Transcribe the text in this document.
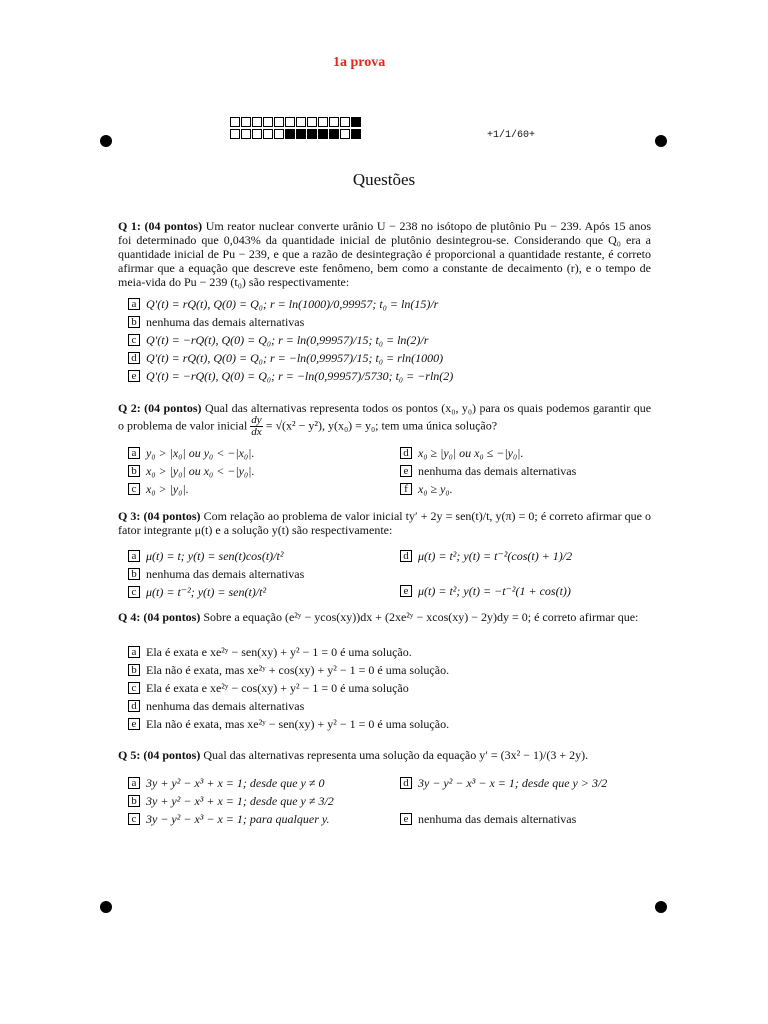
1a prova
+1/1/60+
Questões
Q 1: (04 pontos) Um reator nuclear converte urânio U − 238 no isótopo de plutônio Pu − 239. Após 15 anos foi determinado que 0,043% da quantidade inicial de plutônio desintegrou-se. Considerando que Q₀ era a quantidade inicial de Pu − 239, e que a razão de desintegração é proporcional a quantidade restante, é correto afirmar que a equação que descreve este fenômeno, bem como a constante de decaimento (r), e o tempo de meia-vida do Pu − 239 (t₀) são respectivamente:
a Q′(t) = rQ(t), Q(0) = Q₀; r = ln(1000)/0,99957; t₀ = ln(15)/r
b nenhuma das demais alternativas
c Q′(t) = −rQ(t), Q(0) = Q₀; r = ln(0,99957)/15; t₀ = ln(2)/r
d Q′(t) = rQ(t), Q(0) = Q₀; r = −ln(0,99957)/15; t₀ = rln(1000)
e Q′(t) = −rQ(t), Q(0) = Q₀; r = −ln(0,99957)/5730; t₀ = −rln(2)
Q 2: (04 pontos) Qual das alternativas representa todos os pontos (x₀, y₀) para os quais podemos garantir que o problema de valor inicial $\frac{dy}{dx} = √(x^2 - y^2)$, y(x₀) = y₀; tem uma única solução?
a y₀ > |x₀| ou y₀ < −|x₀|.
b x₀ > |y₀| ou x₀ < −|y₀|.
c x₀ > |y₀|.
d x₀ ≥ |y₀| ou x₀ ≤ −|y₀|.
e nenhuma das demais alternativas
f x₀ ≥ y₀.
Q 3: (04 pontos) Com relação ao problema de valor inicial ty′ + 2y = sen(t)/t, y(π) = 0; é correto afirmar que o fator integrante μ(t) e a solução y(t) são respectivamente:
a μ(t) = t; y(t) = sen(t)cos(t)/t²
b nenhuma das demais alternativas
c μ(t) = t⁻²; y(t) = sen(t)/t²
d μ(t) = t²; y(t) = t⁻²(cos(t) + 1)/2
e μ(t) = t²; y(t) = −t⁻²(1 + cos(t))
Q 4: (04 pontos) Sobre a equação (e²ʸ − ycos(xy))dx + (2xe²ʸ − xcos(xy) − 2y)dy = 0; é correto afirmar que:
a Ela é exata e xe²ʸ − sen(xy) + y² − 1 = 0 é uma solução.
b Ela não é exata, mas xe²ʸ + cos(xy) + y² − 1 = 0 é uma solução.
c Ela é exata e xe²ʸ − cos(xy) + y² − 1 = 0 é uma solução
d nenhuma das demais alternativas
e Ela não é exata, mas xe²ʸ − sen(xy) + y² − 1 = 0 é uma solução.
Q 5: (04 pontos) Qual das alternativas representa uma solução da equação y′ = (3x² − 1)/(3 + 2y).
a 3y + y² − x³ + x = 1; desde que y ≠ 0
b 3y + y² − x³ + x = 1; desde que y ≠ 3/2
c 3y − y² − x³ − x = 1; para qualquer y.
d 3y − y² − x³ − x = 1; desde que y > 3/2
e nenhuma das demais alternativas
